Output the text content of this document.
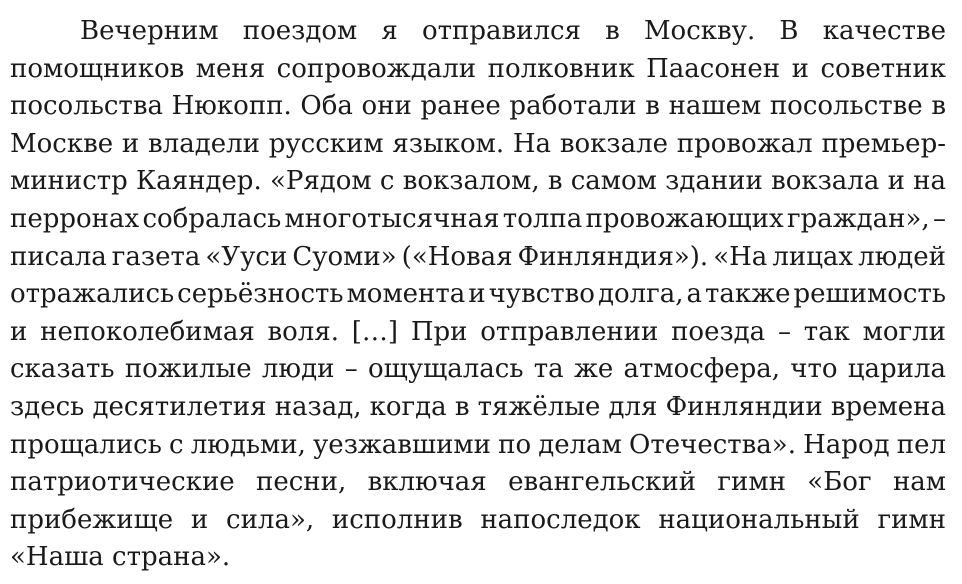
Вечерним поездом я отправился в Москву. В качестве
помощников меня сопровождали полковник Паасонен и советник
посольства Нюкопп. Оба они ранее работали в нашем посольстве в
Москве и владели русским языком. На вокзале провожал премьер-
министр Каяндер. «Рядом с вокзалом, в самом здании вокзала и на
перронах собралась многотысячная толпа провожающих граждан», –
писала газета «Ууси Суоми» («Новая Финляндия»). «На лицах людей
отражались серьёзность момента и чувство долга, а также решимость
и непоколебимая воля. […] При отправлении поезда – так могли
сказать пожилые люди – ощущалась та же атмосфера, что царила
здесь десятилетия назад, когда в тяжёлые для Финляндии времена
прощались с людьми, уезжавшими по делам Отечества». Народ пел
патриотические песни, включая евангельский гимн «Бог нам
прибежище и сила», исполнив напоследок национальный гимн
«Наша страна».
